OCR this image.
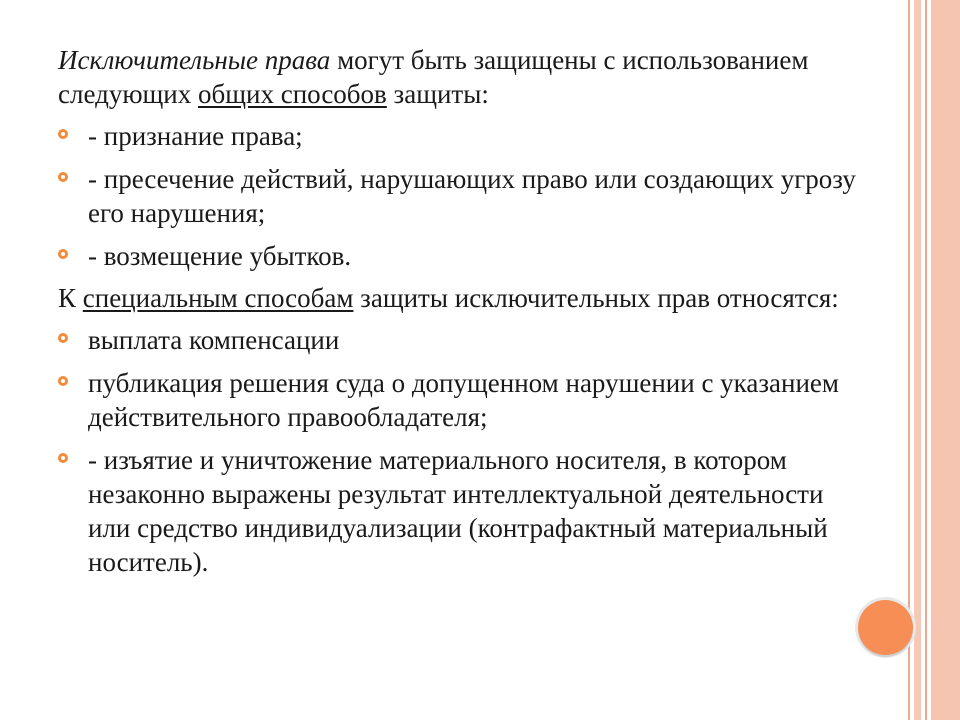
Исключительные права могут быть защищены с использованием следующих общих способов защиты:

- признание права;
- пресечение действий, нарушающих право или создающих угрозу его нарушения;
- возмещение убытков.

К специальным способам защиты исключительных прав относятся:

выплата компенсации
публикация решения суда о допущенном нарушении с указанием действительного правообладателя;
- изъятие и уничтожение материального носителя, в котором незаконно выражены результат интеллектуальной деятельности или средство индивидуализации (контрафактный материальный носитель).
